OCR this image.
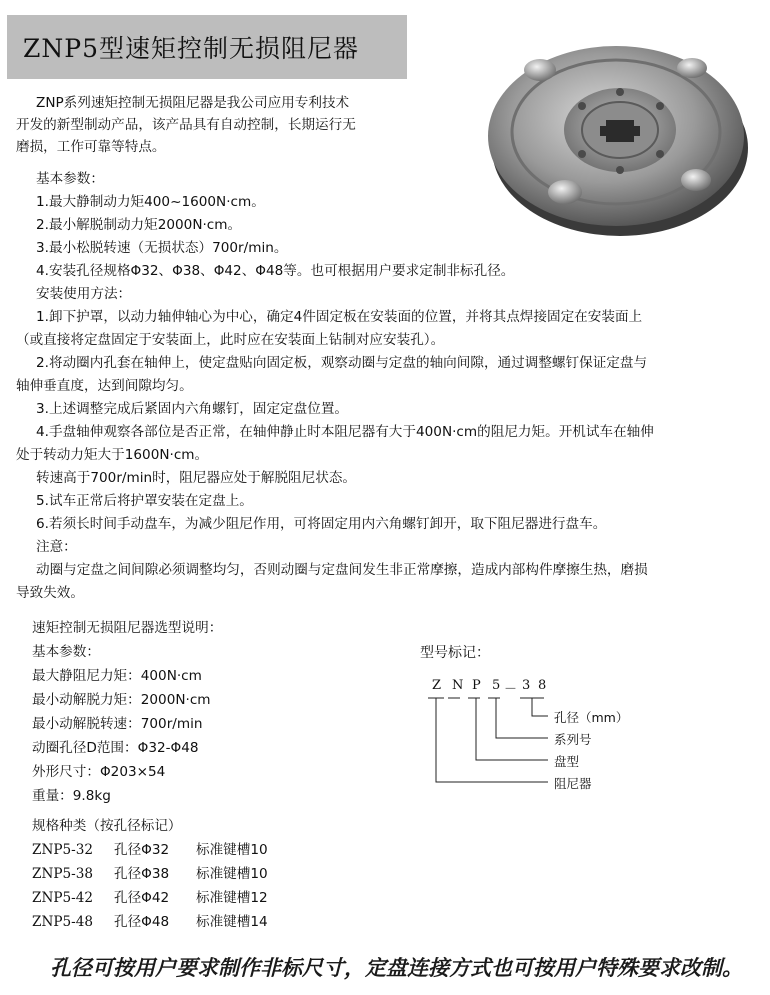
ZNP5型速矩控制无损阻尼器
ZNP系列速矩控制无损阻尼器是我公司应用专利技术
开发的新型制动产品，该产品具有自动控制，长期运行无
磨损，工作可靠等特点。
基本参数：
1.最大静制动力矩400~1600N·cm。
2.最小解脱制动力矩2000N·cm。
3.最小松脱转速（无损状态）700r/min。
4.安装孔径规格Φ32、Φ38、Φ42、Φ48等。也可根据用户要求定制非标孔径。
安装使用方法：
1.卸下护罩，以动力轴伸轴心为中心，确定4件固定板在安装面的位置，并将其点焊接固定在安装面上
（或直接将定盘固定于安装面上，此时应在安装面上钻制对应安装孔）。
2.将动圈内孔套在轴伸上，使定盘贴向固定板，观察动圈与定盘的轴向间隙，通过调整螺钉保证定盘与
轴伸垂直度，达到间隙均匀。
3.上述调整完成后紧固内六角螺钉，固定定盘位置。
4.手盘轴伸观察各部位是否正常，在轴伸静止时本阻尼器有大于400N·cm的阻尼力矩。开机试车在轴伸
处于转动力矩大于1600N·cm。
转速高于700r/min时，阻尼器应处于解脱阻尼状态。
5.试车正常后将护罩安装在定盘上。
6.若须长时间手动盘车，为减少阻尼作用，可将固定用内六角螺钉卸开，取下阻尼器进行盘车。
注意：
动圈与定盘之间间隙必须调整均匀，否则动圈与定盘间发生非正常摩擦，造成内部构件摩擦生热，磨损
导致失效。
速矩控制无损阻尼器选型说明：
基本参数：
最大静阻尼力矩：400N·cm
最小动解脱力矩：2000N·cm
最小动解脱转速：700r/min
动圈孔径D范围：Φ32-Φ48
外形尺寸：Φ203×54
重量：9.8kg
规格种类（按孔径标记）
ZNP5-32	孔径Φ32	标准键槽10
ZNP5-38	孔径Φ38	标准键槽10
ZNP5-42	孔径Φ42	标准键槽12
ZNP5-48	孔径Φ48	标准键槽14
型号标记：
Z N P 5 － 3 8
孔径（mm）
系列号
盘型
阻尼器
孔径可按用户要求制作非标尺寸，定盘连接方式也可按用户特殊要求改制。
